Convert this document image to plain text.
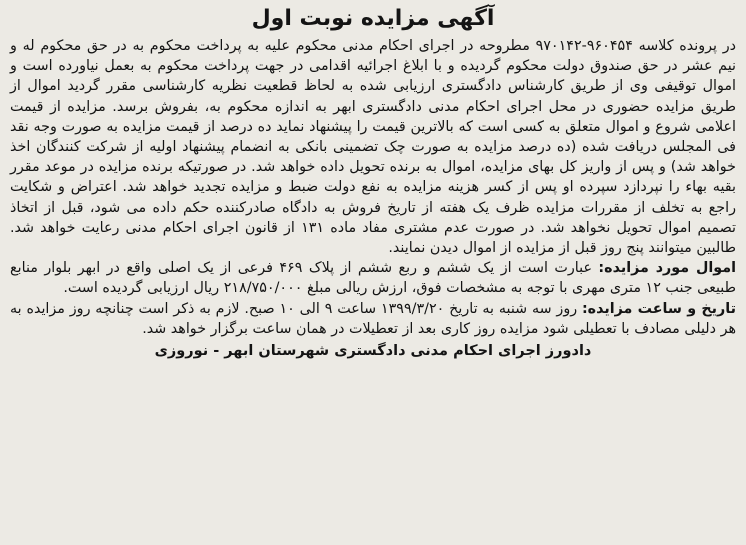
آگهی مزایده نوبت اول

در پرونده کلاسه ۹۶۰۴۵۴-۹۷۰۱۴۲ مطروحه در اجرای احکام مدنی محکوم علیه به پرداخت محکوم به در حق محکوم له و نیم عشر در حق صندوق دولت محکوم گردیده و با ابلاغ اجرائیه اقدامی در جهت پرداخت محکوم به بعمل نیاورده است و اموال توقیفی وی از طریق کارشناس دادگستری ارزیابی شده به لحاظ قطعیت نظریه کارشناسی مقرر گردید اموال از طریق مزایده حضوری در محل اجرای احکام مدنی دادگستری ابهر به اندازه محکوم به، بفروش برسد. مزایده از قیمت اعلامی شروع و اموال متعلق به کسی است که بالاترین قیمت را پیشنهاد نماید ده درصد از قیمت مزایده به صورت وجه نقد فی المجلس دریافت شده (ده درصد مزایده به صورت چک تضمینی بانکی به انضمام پیشنهاد اولیه از شرکت کنندگان اخذ خواهد شد) و پس از واریز کل بهای مزایده، اموال به برنده تحویل داده خواهد شد. در صورتیکه برنده مزایده در موعد مقرر بقیه بهاء را نپردازد سپرده او پس از کسر هزینه مزایده به نفع دولت ضبط و مزایده تجدید خواهد شد. اعتراض و شکایت راجع به تخلف از مقررات مزایده ظرف یک هفته از تاریخ فروش به دادگاه صادرکننده حکم داده می شود، قبل از اتخاذ تصمیم اموال تحویل نخواهد شد. در صورت عدم مشتری مفاد ماده ۱۳۱ از قانون اجرای احکام مدنی رعایت خواهد شد. طالبین میتوانند پنج روز قبل از مزایده از اموال دیدن نمایند.

اموال مورد مزایده: عبارت است از یک ششم و ربع ششم از پلاک ۴۶۹ فرعی از یک اصلی واقع در ابهر بلوار منابع طبیعی جنب ۱۲ متری مهری با توجه به مشخصات فوق، ارزش ریالی مبلغ ۲۱۸/۷۵۰/۰۰۰ ریال ارزیابی گردیده است.

تاریخ و ساعت مزایده: روز سه شنبه به تاریخ ۱۳۹۹/۳/۲۰ ساعت ۹ الی ۱۰ صبح. لازم به ذکر است چنانچه روز مزایده به هر دلیلی مصادف با تعطیلی شود مزایده روز کاری بعد از تعطیلات در همان ساعت برگزار خواهد شد.

دادورز اجرای احکام مدنی دادگستری شهرستان ابهر - نوروزی
